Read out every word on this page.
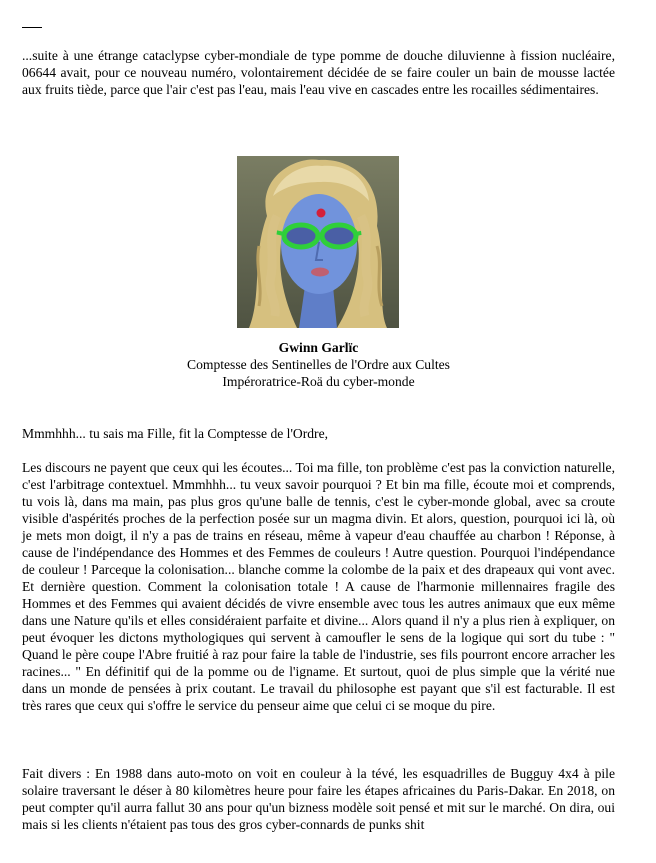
...suite à une étrange cataclypse cyber-mondiale de type pomme de douche diluvienne à fission nucléaire, 06644 avait, pour ce nouveau numéro, volontairement décidée de se faire couler un bain de mousse lactée aux fruits tiède, parce que l'air c'est pas l'eau, mais l'eau vive en cascades entre les rocailles sédimentaires.

Gwinn Garlïc
Comptesse des Sentinelles de l'Ordre aux Cultes
Impéroratrice-Roä du cyber-monde

Mmmhhh... tu sais ma Fille, fit la Comptesse de l'Ordre,

Les discours ne payent que ceux qui les écoutes... Toi ma fille, ton problème c'est pas la conviction naturelle, c'est l'arbitrage contextuel. Mmmhhh... tu veux savoir pourquoi ? Et bin ma fille, écoute moi et comprends, tu vois là, dans ma main, pas plus gros qu'une balle de tennis, c'est le cyber-monde global, avec sa croute visible d'aspérités proches de la perfection posée sur un magma divin. Et alors, question, pourquoi ici là, où je mets mon doigt, il n'y a pas de trains en réseau, même à vapeur d'eau chauffée au charbon ! Réponse, à cause de l'indépendance des Hommes et des Femmes de couleurs ! Autre question. Pourquoi l'indépendance de couleur ! Parceque la colonisation... blanche comme la colombe de la paix et des drapeaux qui vont avec. Et dernière question. Comment la colonisation totale ! A cause de l'harmonie millennaires fragile des Hommes et des Femmes qui avaient décidés de vivre ensemble avec tous les autres animaux que eux même dans une Nature qu'ils et elles considéraient parfaite et divine... Alors quand il n'y a plus rien à expliquer, on peut évoquer les dictons mythologiques qui servent à camoufler le sens de la logique qui sort du tube : " Quand le père coupe l'Abre fruitié à raz pour faire la table de l'industrie, ses fils pourront encore arracher les racines... " En définitif qui de la pomme ou de l'igname. Et surtout, quoi de plus simple que la vérité nue dans un monde de pensées à prix coutant. Le travail du philosophe est payant que s'il est facturable. Il est très rares que ceux qui s'offre le service du penseur aime que celui ci se moque du pire.

Fait divers : En 1988 dans auto-moto on voit en couleur à la tévé, les esquadrilles de Bugguy 4x4 à pile solaire traversant le déser à 80 kilomètres heure pour faire les étapes africaines du Paris-Dakar. En 2018, on peut compter qu'il aurra fallut 30 ans pour qu'un bizness modèle soit pensé et mit sur le marché. On dira, oui mais si les clients n'étaient pas tous des gros cyber-connards de punks shit
